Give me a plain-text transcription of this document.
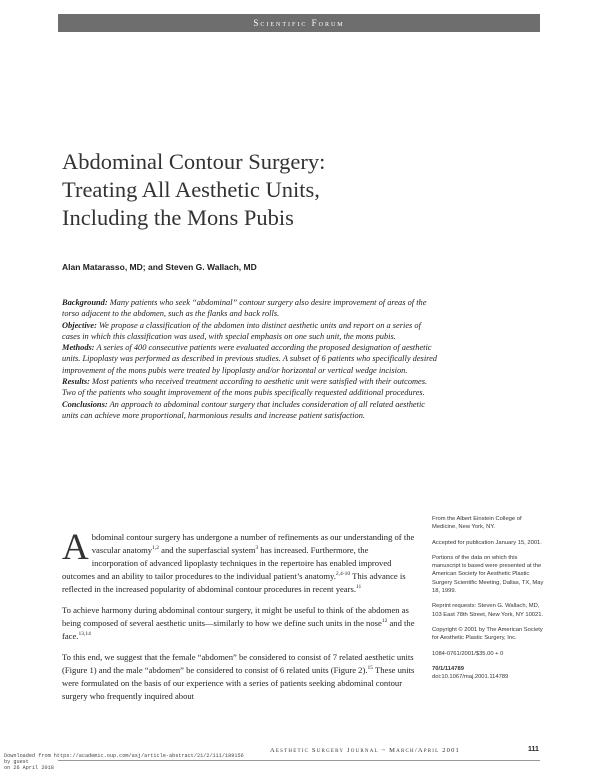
Scientific Forum
Abdominal Contour Surgery:
Treating All Aesthetic Units,
Including the Mons Pubis
Alan Matarasso, MD; and Steven G. Wallach, MD

Background: Many patients who seek “abdominal” contour surgery also desire improvement of areas of the torso adjacent to the abdomen, such as the flanks and back rolls.

Objective: We propose a classification of the abdomen into distinct aesthetic units and report on a series of cases in which this classification was used, with special emphasis on one such unit, the mons pubis.

Methods: A series of 400 consecutive patients were evaluated according the proposed designation of aesthetic units. Lipoplasty was performed as described in previous studies. A subset of 6 patients who specifically desired improvement of the mons pubis were treated by lipoplasty and/or horizontal or vertical wedge incision.

Results: Most patients who received treatment according to aesthetic unit were satisfied with their outcomes. Two of the patients who sought improvement of the mons pubis specifically requested additional procedures.

Conclusions: An approach to abdominal contour surgery that includes consideration of all related aesthetic units can achieve more proportional, harmonious results and increase patient satisfaction.

Abdominal contour surgery has undergone a number of refinements as our understanding of the vascular anatomy$^{1,2}$ and the superfascial system$^3$ has increased. Furthermore, the incorporation of advanced lipoplasty techniques in the repertoire has enabled improved outcomes and an ability to tailor procedures to the individual patient’s anatomy.$^{2,4-10}$ This advance is reflected in the increased popularity of abdominal contour procedures in recent years.$^{11}$

To achieve harmony during abdominal contour surgery, it might be useful to think of the abdomen as being composed of several aesthetic units—similarly to how we define such units in the nose$^{12}$ and the face.$^{13,14}$

To this end, we suggest that the female “abdomen” be considered to consist of 7 related aesthetic units (Figure 1) and the male “abdomen” be considered to consist of 6 related units (Figure 2).$^{15}$ These units were formulated on the basis of our experience with a series of patients seeking abdominal contour surgery who frequently inquired about

From the Albert Einstein College of Medicine, New York, NY.

Accepted for publication January 15, 2001.

Portions of the data on which this manuscript is based were presented at the American Society for Aesthetic Plastic Surgery Scientific Meeting, Dallas, TX, May 18, 1999.

Reprint requests: Steven G. Wallach, MD, 103 East 78th Street, New York, NY 10021.

Copyright © 2001 by The American Society for Aesthetic Plastic Surgery, Inc.

1084-0761/2001/$35.00 + 0

70/1/114789

doi:10.1067/maj.2001.114789

Aesthetic Surgery Journal ~ March/April 2001	111
Downloaded from https://academic.oup.com/asj/article-abstract/21/2/111/189156
by guest
on 26 April 2018
